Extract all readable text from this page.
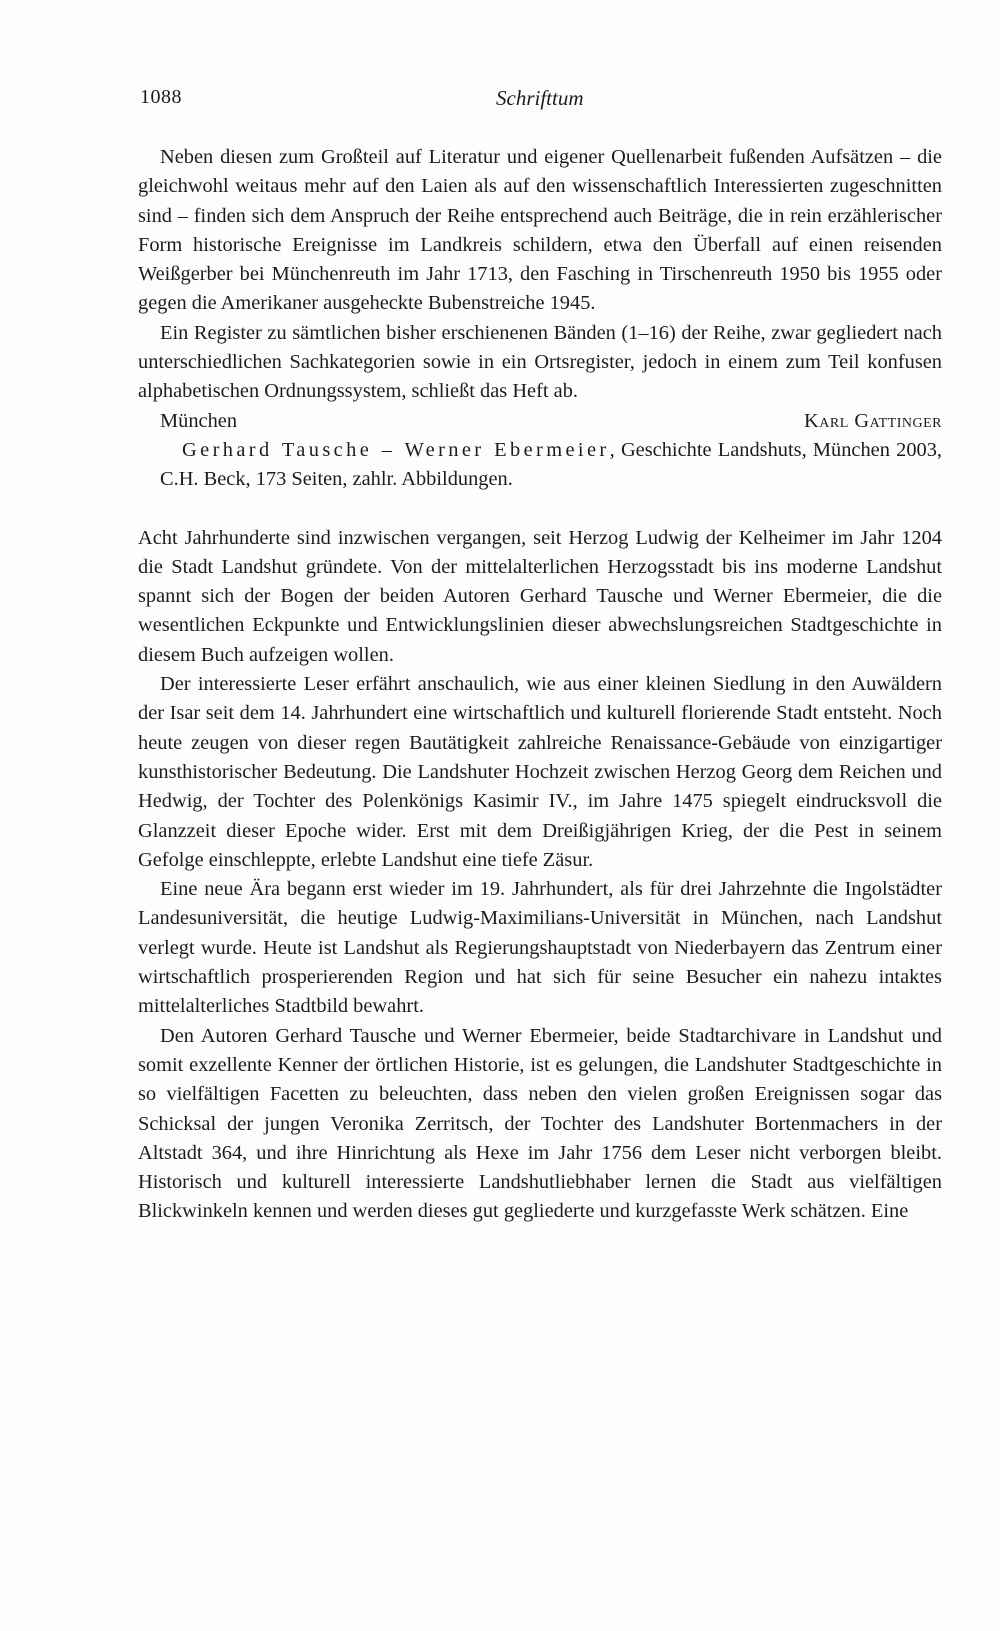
1088	Schrifttum

Neben diesen zum Großteil auf Literatur und eigener Quellenarbeit fußenden Aufsätzen – die gleichwohl weitaus mehr auf den Laien als auf den wissenschaftlich Interessierten zugeschnitten sind – finden sich dem Anspruch der Reihe entsprechend auch Beiträge, die in rein erzählerischer Form historische Ereignisse im Landkreis schildern, etwa den Überfall auf einen reisenden Weißgerber bei Münchenreuth im Jahr 1713, den Fasching in Tirschenreuth 1950 bis 1955 oder gegen die Amerikaner ausgeheckte Bubenstreiche 1945.

Ein Register zu sämtlichen bisher erschienenen Bänden (1–16) der Reihe, zwar gegliedert nach unterschiedlichen Sachkategorien sowie in ein Ortsregister, jedoch in einem zum Teil konfusen alphabetischen Ordnungssystem, schließt das Heft ab.

München	Karl Gattinger

Gerhard Tausche – Werner Ebermeier, Geschichte Landshuts, München 2003, C.H. Beck, 173 Seiten, zahlr. Abbildungen.

Acht Jahrhunderte sind inzwischen vergangen, seit Herzog Ludwig der Kelheimer im Jahr 1204 die Stadt Landshut gründete. Von der mittelalterlichen Herzogsstadt bis ins moderne Landshut spannt sich der Bogen der beiden Autoren Gerhard Tausche und Werner Ebermeier, die die wesentlichen Eckpunkte und Entwicklungslinien dieser abwechslungsreichen Stadtgeschichte in diesem Buch aufzeigen wollen.

Der interessierte Leser erfährt anschaulich, wie aus einer kleinen Siedlung in den Auwäldern der Isar seit dem 14. Jahrhundert eine wirtschaftlich und kulturell florierende Stadt entsteht. Noch heute zeugen von dieser regen Bautätigkeit zahlreiche Renaissance-Gebäude von einzigartiger kunsthistorischer Bedeutung. Die Landshuter Hochzeit zwischen Herzog Georg dem Reichen und Hedwig, der Tochter des Polenkönigs Kasimir IV., im Jahre 1475 spiegelt eindrucksvoll die Glanzzeit dieser Epoche wider. Erst mit dem Dreißigjährigen Krieg, der die Pest in seinem Gefolge einschleppte, erlebte Landshut eine tiefe Zäsur.

Eine neue Ära begann erst wieder im 19. Jahrhundert, als für drei Jahrzehnte die Ingolstädter Landesuniversität, die heutige Ludwig-Maximilians-Universität in München, nach Landshut verlegt wurde. Heute ist Landshut als Regierungshauptstadt von Niederbayern das Zentrum einer wirtschaftlich prosperierenden Region und hat sich für seine Besucher ein nahezu intaktes mittelalterliches Stadtbild bewahrt.

Den Autoren Gerhard Tausche und Werner Ebermeier, beide Stadtarchivare in Landshut und somit exzellente Kenner der örtlichen Historie, ist es gelungen, die Landshuter Stadtgeschichte in so vielfältigen Facetten zu beleuchten, dass neben den vielen großen Ereignissen sogar das Schicksal der jungen Veronika Zerritsch, der Tochter des Landshuter Bortenmachers in der Altstadt 364, und ihre Hinrichtung als Hexe im Jahr 1756 dem Leser nicht verborgen bleibt. Historisch und kulturell interessierte Landshutliebhaber lernen die Stadt aus vielfältigen Blickwinkeln kennen und werden dieses gut gegliederte und kurzgefasste Werk schätzen. Eine
